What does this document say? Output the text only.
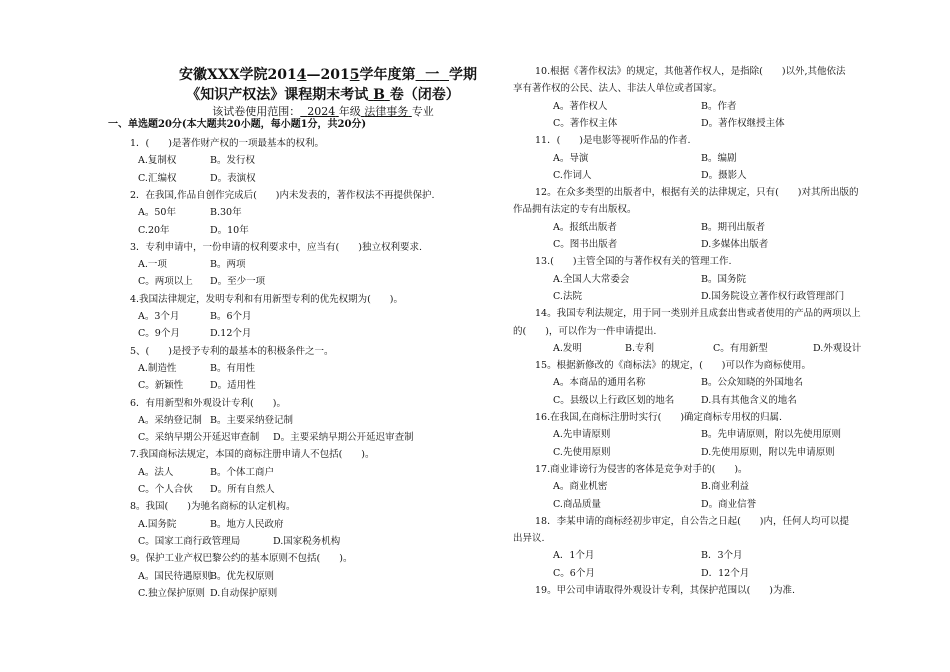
安徽XXX学院2014—2015学年度第 一 学期
《知识产权法》课程期末考试 B 卷（闭卷）
该试卷使用范围： 2024 年级 法律事务 专业
一、单选题20分(本大题共20小题，每小题1分，共20分)
1．(　　)是著作财产权的一项最基本的权利。
A.复制权	B。发行权
C.汇编权	D。表演权
2．在我国,作品自创作完成后(　　)内未发表的，著作权法不再提供保护.
A。50年	B.30年
C.20年	D。10年
3．专利申请中，一份申请的权利要求中，应当有(　　)独立权利要求.
A.一项	B。两项
C。两项以上 D。至少一项
4.我国法律规定，发明专利和有用新型专利的优先权期为(　　)。
A。3个月	B。6个月
C。9个月	D.12个月
5、(　　)是授予专利的最基本的积极条件之一。
A.制造性	B。有用性
C。新颖性	D。适用性
6．有用新型和外观设计专利(　　)。
A。采纳登记制 B。主要采纳登记制
C。采纳早期公开延迟审查制 D。主要采纳早期公开延迟审查制
7.我国商标法规定，本国的商标注册申请人不包括(　　)。
A。法人	B。个体工商户
C。个人合伙 D。所有自然人
8。我国(　　)为驰名商标的认定机构。
A.国务院	B。地方人民政府
C。国家工商行政管理局	D.国家税务机构
9。保护工业产权巴黎公约的基本原则不包括(　　)。
A。国民待遇原则
B。优先权原则
C.独立保护原则 D.自动保护原则
10.根据《著作权法》的规定，其他著作权人，是指除(　　)以外,其他依法
享有著作权的公民、法人、非法人单位或者国家。
A。著作权人	B。作者
C。著作权主体	D。著作权继授主体
11．(　　)是电影等视听作品的作者.
A。导演	B。编剧
C.作词人	D。摄影人
12。在众多类型的出版者中，根据有关的法律规定，只有(　　)对其所出版的
作品拥有法定的专有出版权。
A。报纸出版者	B。期刊出版者
C。图书出版者	D.多媒体出版者
13.(　　)主管全国的与著作权有关的管理工作.
A.全国人大常委会	B。国务院
C.法院	D.国务院设立著作权行政管理部门
14。我国专利法规定，用于同一类别并且成套出售或者使用的产品的两项以上
的(　　)，可以作为一件申请提出.
A.发明	B.专利	C。有用新型	D.外观设计
15。根据新修改的《商标法》的规定，(　　)可以作为商标使用。
A。本商品的通用名称	B。公众知晓的外国地名
C。县级以上行政区划的地名	D.具有其他含义的地名
16.在我国,在商标注册时实行(　　)确定商标专用权的归属.
A.先申请原则	B。先申请原则，附以先使用原则
C.先使用原则	D.先使用原则，附以先申请原则
17.商业诽谤行为侵害的客体是竞争对手的(　　)。
A。商业机密	B.商业利益
C.商品质量	D。商业信誉
18．李某申请的商标经初步审定，自公告之日起(　　)内，任何人均可以提
出异议.
A．1个月	B．3个月
C。6个月	D．12个月
19。甲公司申请取得外观设计专利，其保护范围以(　　)为准.
